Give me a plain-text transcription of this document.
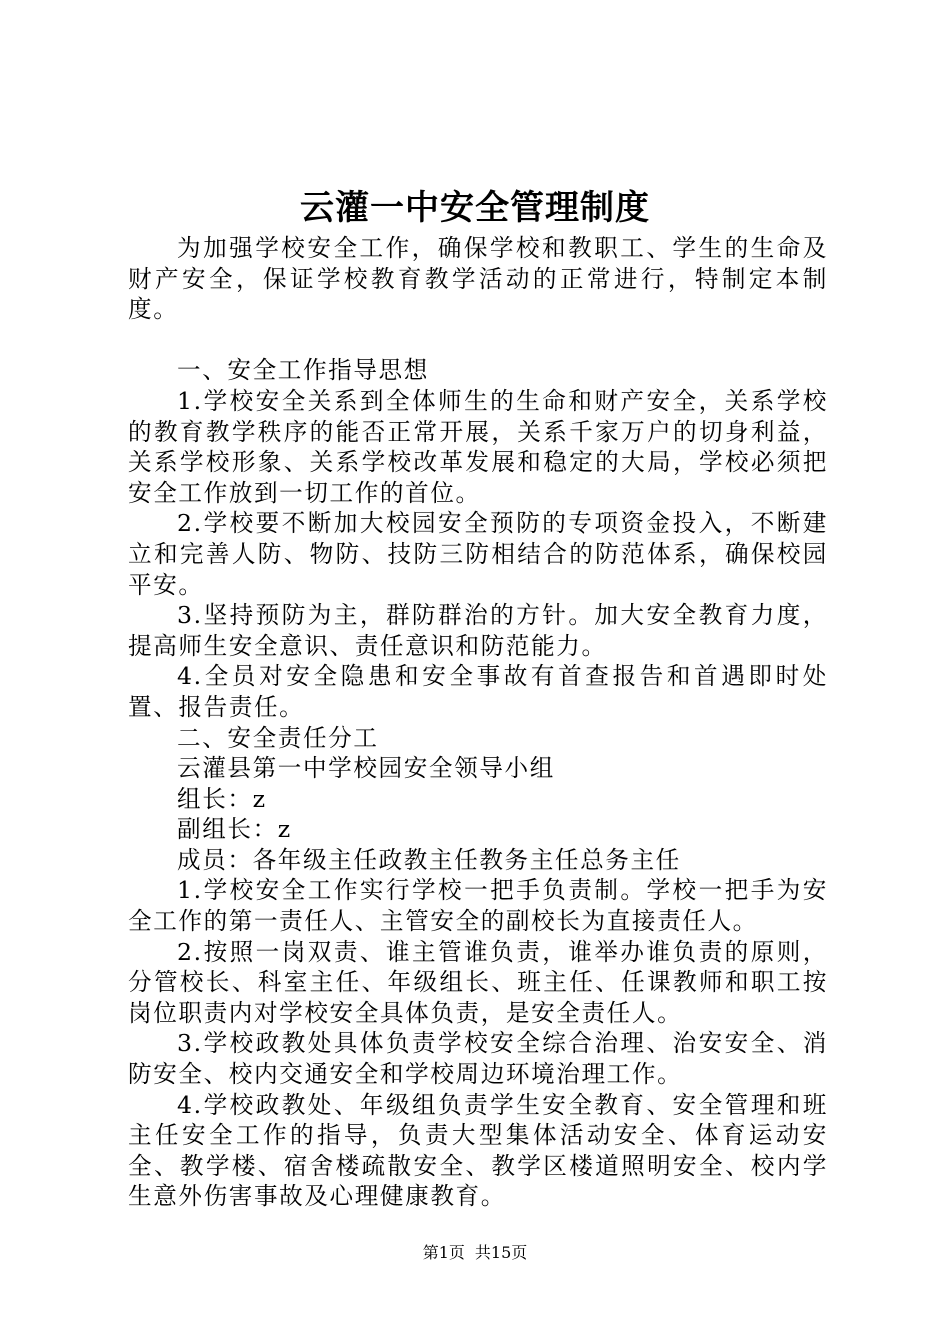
云灌一中安全管理制度

为加强学校安全工作，确保学校和教职工、学生的生命及财产安全，保证学校教育教学活动的正常进行，特制定本制度。

一、安全工作指导思想

1.学校安全关系到全体师生的生命和财产安全，关系学校的教育教学秩序的能否正常开展，关系千家万户的切身利益，关系学校形象、关系学校改革发展和稳定的大局，学校必须把安全工作放到一切工作的首位。

2.学校要不断加大校园安全预防的专项资金投入，不断建立和完善人防、物防、技防三防相结合的防范体系，确保校园平安。

3.坚持预防为主，群防群治的方针。加大安全教育力度，提高师生安全意识、责任意识和防范能力。

4.全员对安全隐患和安全事故有首查报告和首遇即时处置、报告责任。

二、安全责任分工

云灌县第一中学校园安全领导小组

组长：z

副组长：z

成员：各年级主任政教主任教务主任总务主任

1.学校安全工作实行学校一把手负责制。学校一把手为安全工作的第一责任人、主管安全的副校长为直接责任人。

2.按照一岗双责、谁主管谁负责，谁举办谁负责的原则，分管校长、科室主任、年级组长、班主任、任课教师和职工按岗位职责内对学校安全具体负责，是安全责任人。

3.学校政教处具体负责学校安全综合治理、治安安全、消防安全、校内交通安全和学校周边环境治理工作。

4.学校政教处、年级组负责学生安全教育、安全管理和班主任安全工作的指导，负责大型集体活动安全、体育运动安全、教学楼、宿舍楼疏散安全、教学区楼道照明安全、校内学生意外伤害事故及心理健康教育。

第1页 共15页
